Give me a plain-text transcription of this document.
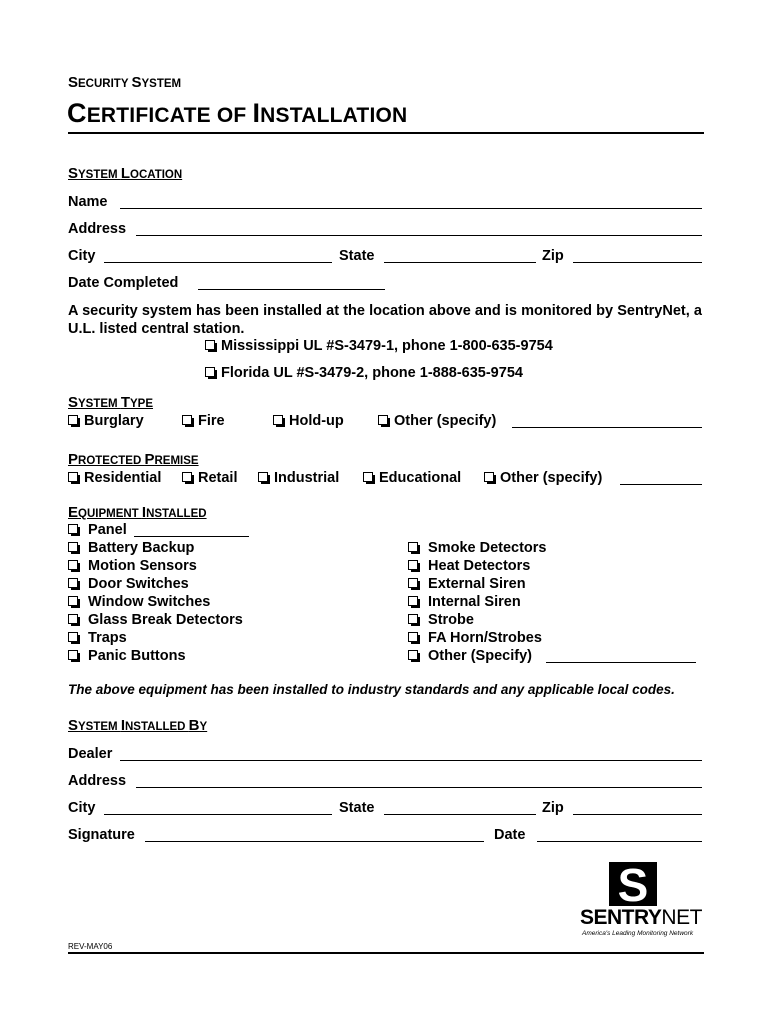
SECURITY SYSTEM
CERTIFICATE OF INSTALLATION
SYSTEM LOCATION
Name
Address
City	State	Zip
Date Completed
A security system has been installed at the location above and is monitored by SentryNet, a U.L. listed central station.
Mississippi UL #S-3479-1, phone 1-800-635-9754
Florida UL #S-3479-2, phone 1-888-635-9754
SYSTEM TYPE
Burglary	Fire	Hold-up	Other (specify)
PROTECTED PREMISE
Residential	Retail	Industrial	Educational	Other (specify)
EQUIPMENT INSTALLED
Panel
Battery Backup
Motion Sensors
Door Switches
Window Switches
Glass Break Detectors
Traps
Panic Buttons
Smoke Detectors
Heat Detectors
External Siren
Internal Siren
Strobe
FA Horn/Strobes
Other (Specify)
The above equipment has been installed to industry standards and any applicable local codes.
SYSTEM INSTALLED BY
Dealer
Address
City	State	Zip
Signature	Date
S
SENTRYNET
America's Leading Monitoring Network
REV-MAY06
